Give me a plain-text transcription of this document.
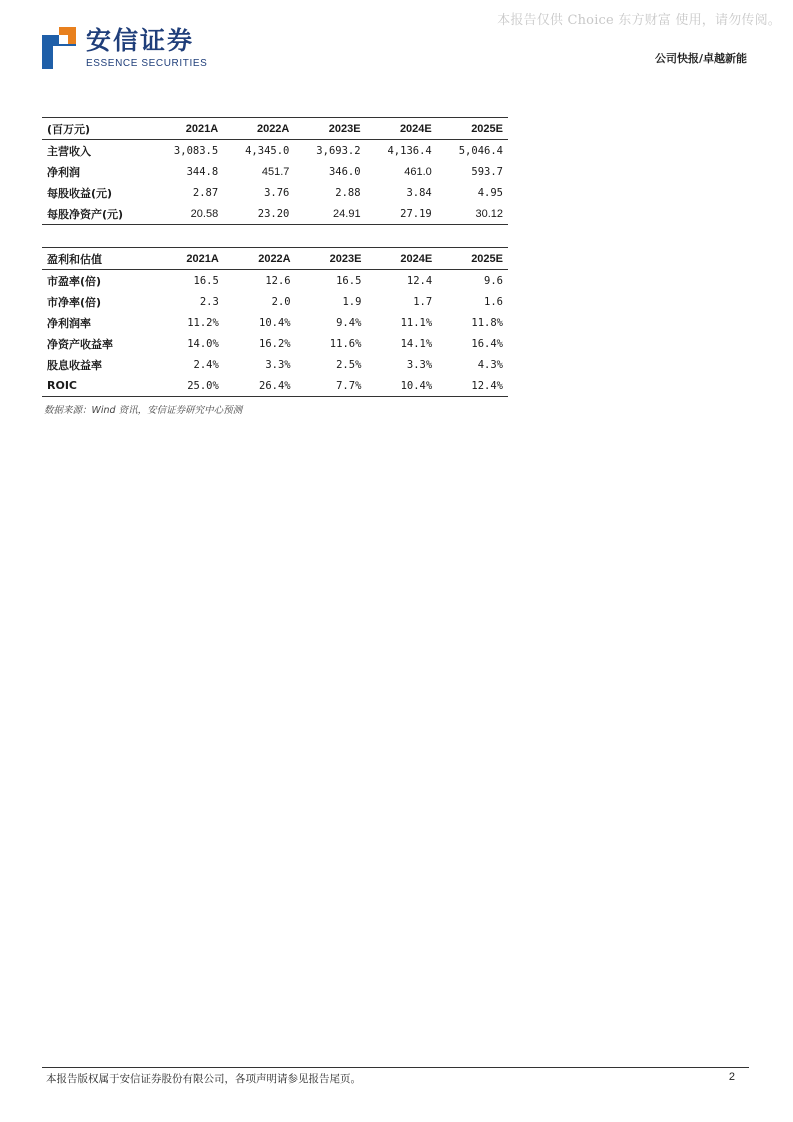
本报告仅供 Choice 东方财富 使用，请勿传阅。
安信证券
ESSENCE SECURITIES	公司快报/卓越新能
(百万元)	2021A	2022A	2023E	2024E	2025E
主营收入	3,083.5	4,345.0	3,693.2	4,136.4	5,046.4
净利润	344.8	451.7	346.0	461.0	593.7
每股收益(元)	2.87	3.76	2.88	3.84	4.95
每股净资产(元)	20.58	23.20	24.91	27.19	30.12
盈利和估值	2021A	2022A	2023E	2024E	2025E
市盈率(倍)	16.5	12.6	16.5	12.4	9.6
市净率(倍)	2.3	2.0	1.9	1.7	1.6
净利润率	11.2%	10.4%	9.4%	11.1%	11.8%
净资产收益率	14.0%	16.2%	11.6%	14.1%	16.4%
股息收益率	2.4%	3.3%	2.5%	3.3%	4.3%
ROIC	25.0%	26.4%	7.7%	10.4%	12.4%
数据来源：Wind 资讯，安信证券研究中心预测
本报告版权属于安信证券股份有限公司，各项声明请参见报告尾页。	2
